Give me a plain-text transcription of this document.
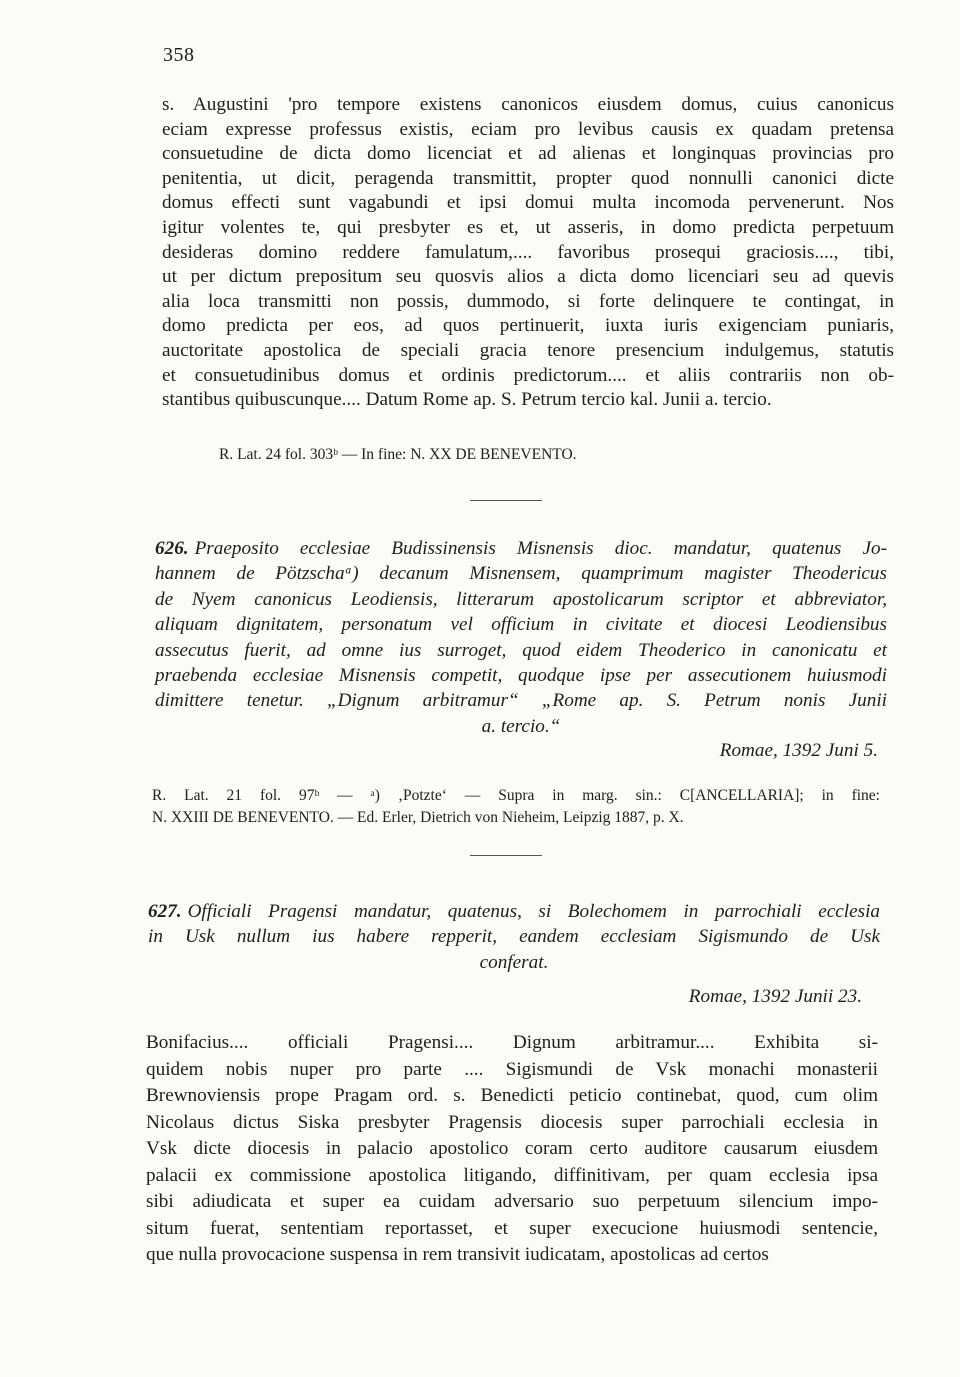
358
s. Augustini 'pro tempore existens canonicos eiusdem domus, cuius canonicus
eciam expresse professus existis, eciam pro levibus causis ex quadam pretensa
consuetudine de dicta domo licenciat et ad alienas et longinquas provincias pro
penitentia, ut dicit, peragenda transmittit, propter quod nonnulli canonici dicte
domus effecti sunt vagabundi et ipsi domui multa incomoda pervenerunt. Nos
igitur volentes te, qui presbyter es et, ut asseris, in domo predicta perpetuum
desideras domino reddere famulatum,.... favoribus prosequi graciosis...., tibi,
ut per dictum prepositum seu quosvis alios a dicta domo licenciari seu ad quevis
alia loca transmitti non possis, dummodo, si forte delinquere te contingat, in
domo predicta per eos, ad quos pertinuerit, iuxta iuris exigenciam puniaris,
auctoritate apostolica de speciali gracia tenore presencium indulgemus, statutis
et consuetudinibus domus et ordinis predictorum.... et aliis contrariis non ob-
stantibus quibuscunque.... Datum Rome ap. S. Petrum tercio kal. Junii a. tercio.
R. Lat. 24 fol. 303ᵇ — In fine: N. XX DE BENEVENTO.
626. Praeposito ecclesiae Budissinensis Misnensis dioc. mandatur, quatenus Jo-
hannem de Pötzschaᵃ) decanum Misnensem, quamprimum magister Theodericus
de Nyem canonicus Leodiensis, litterarum apostolicarum scriptor et abbreviator,
aliquam dignitatem, personatum vel officium in civitate et diocesi Leodiensibus
assecutus fuerit, ad omne ius surroget, quod eidem Theoderico in canonicatu et
praebenda ecclesiae Misnensis competit, quodque ipse per assecutionem huiusmodi
dimittere tenetur. „Dignum arbitramur“ „Rome ap. S. Petrum nonis Junii
a. tercio.“
Romae, 1392 Juni 5.
R. Lat. 21 fol. 97ᵇ — ᵃ) ‚Potzte‘ — Supra in marg. sin.: C[ANCELLARIA]; in fine:
N. XXIII DE BENEVENTO. — Ed. Erler, Dietrich von Nieheim, Leipzig 1887, p. X.
627. Officiali Pragensi mandatur, quatenus, si Bolechomem in parrochiali ecclesia
in Usk nullum ius habere repperit, eandem ecclesiam Sigismundo de Usk
conferat.
Romae, 1392 Junii 23.
Bonifacius.... officiali Pragensi.... Dignum arbitramur.... Exhibita si-
quidem nobis nuper pro parte .... Sigismundi de Vsk monachi monasterii
Brewnoviensis prope Pragam ord. s. Benedicti peticio continebat, quod, cum olim
Nicolaus dictus Siska presbyter Pragensis diocesis super parrochiali ecclesia in
Vsk dicte diocesis in palacio apostolico coram certo auditore causarum eiusdem
palacii ex commissione apostolica litigando, diffinitivam, per quam ecclesia ipsa
sibi adiudicata et super ea cuidam adversario suo perpetuum silencium impo-
situm fuerat, sententiam reportasset, et super execucione huiusmodi sentencie,
que nulla provocacione suspensa in rem transivit iudicatam, apostolicas ad certos
